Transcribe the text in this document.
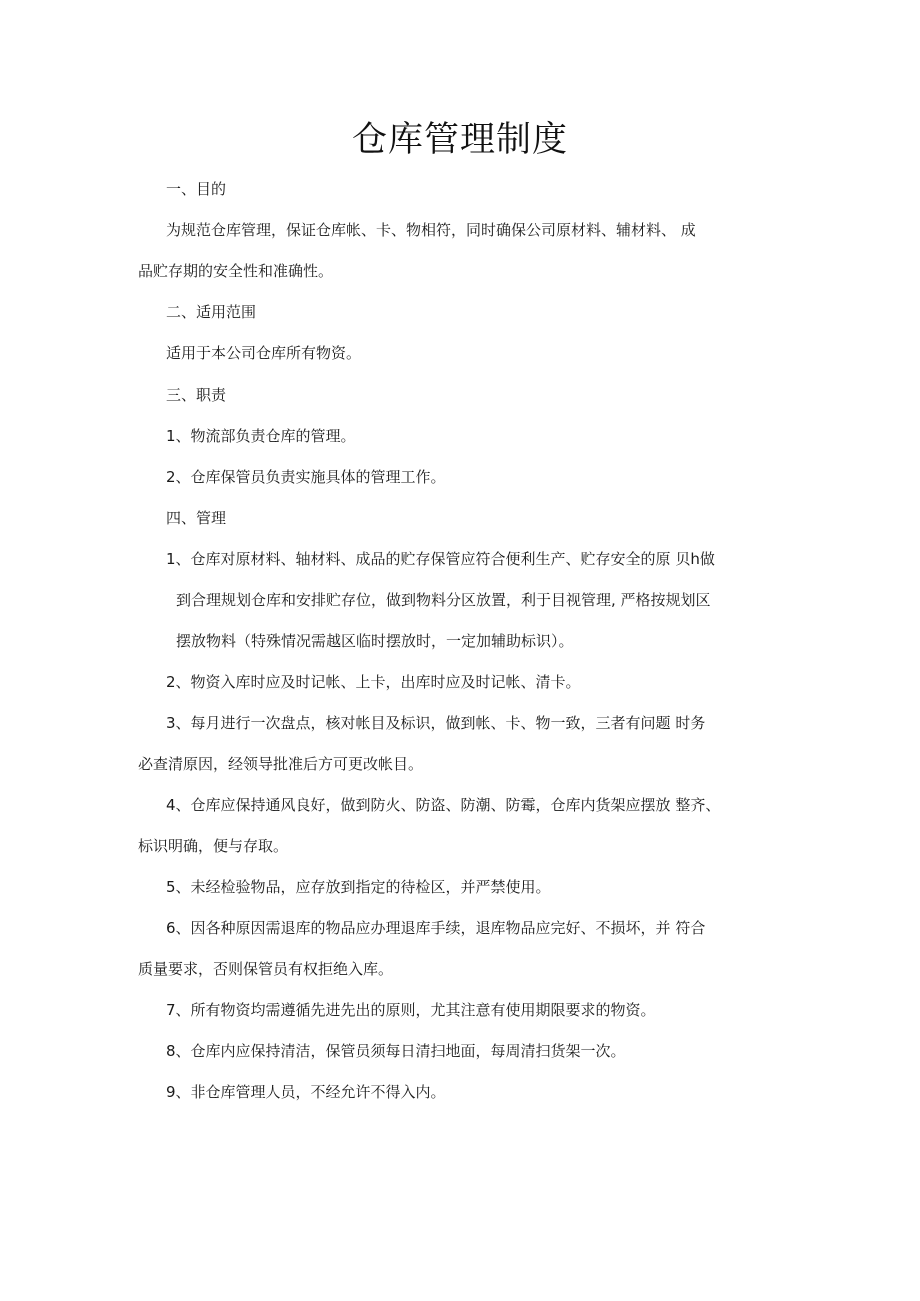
仓库管理制度
一、目的
为规范仓库管理，保证仓库帐、卡、物相符，同时确保公司原材料、辅材料、 成
品贮存期的安全性和准确性。
二、适用范围
适用于本公司仓库所有物资。
三、职责
1、物流部负责仓库的管理。
2、仓库保管员负责实施具体的管理工作。
四、管理
1、仓库对原材料、轴材料、成品的贮存保管应符合便利生产、贮存安全的原 贝h做
到合理规划仓库和安排贮存位，做到物料分区放置，利于目视管理, 严格按规划区
摆放物料（特殊情况需越区临时摆放时，一定加辅助标识）。
2、物资入库时应及时记帐、上卡，出库时应及时记帐、清卡。
3、每月进行一次盘点，核对帐目及标识，做到帐、卡、物一致，三者有问题 时务
必查清原因，经领导批准后方可更改帐目。
4、仓库应保持通风良好，做到防火、防盗、防潮、防霉，仓库内货架应摆放 整齐、
标识明确，便与存取。
5、未经检验物品，应存放到指定的待检区，并严禁使用。
6、因各种原因需退库的物品应办理退库手续，退库物品应完好、不损坏，并 符合
质量要求，否则保管员有权拒绝入库。
7、所有物资均需遵循先进先出的原则，尤其注意有使用期限要求的物资。
8、仓库内应保持清洁，保管员须每日清扫地面，每周清扫货架一次。
9、非仓库管理人员，不经允许不得入内。
